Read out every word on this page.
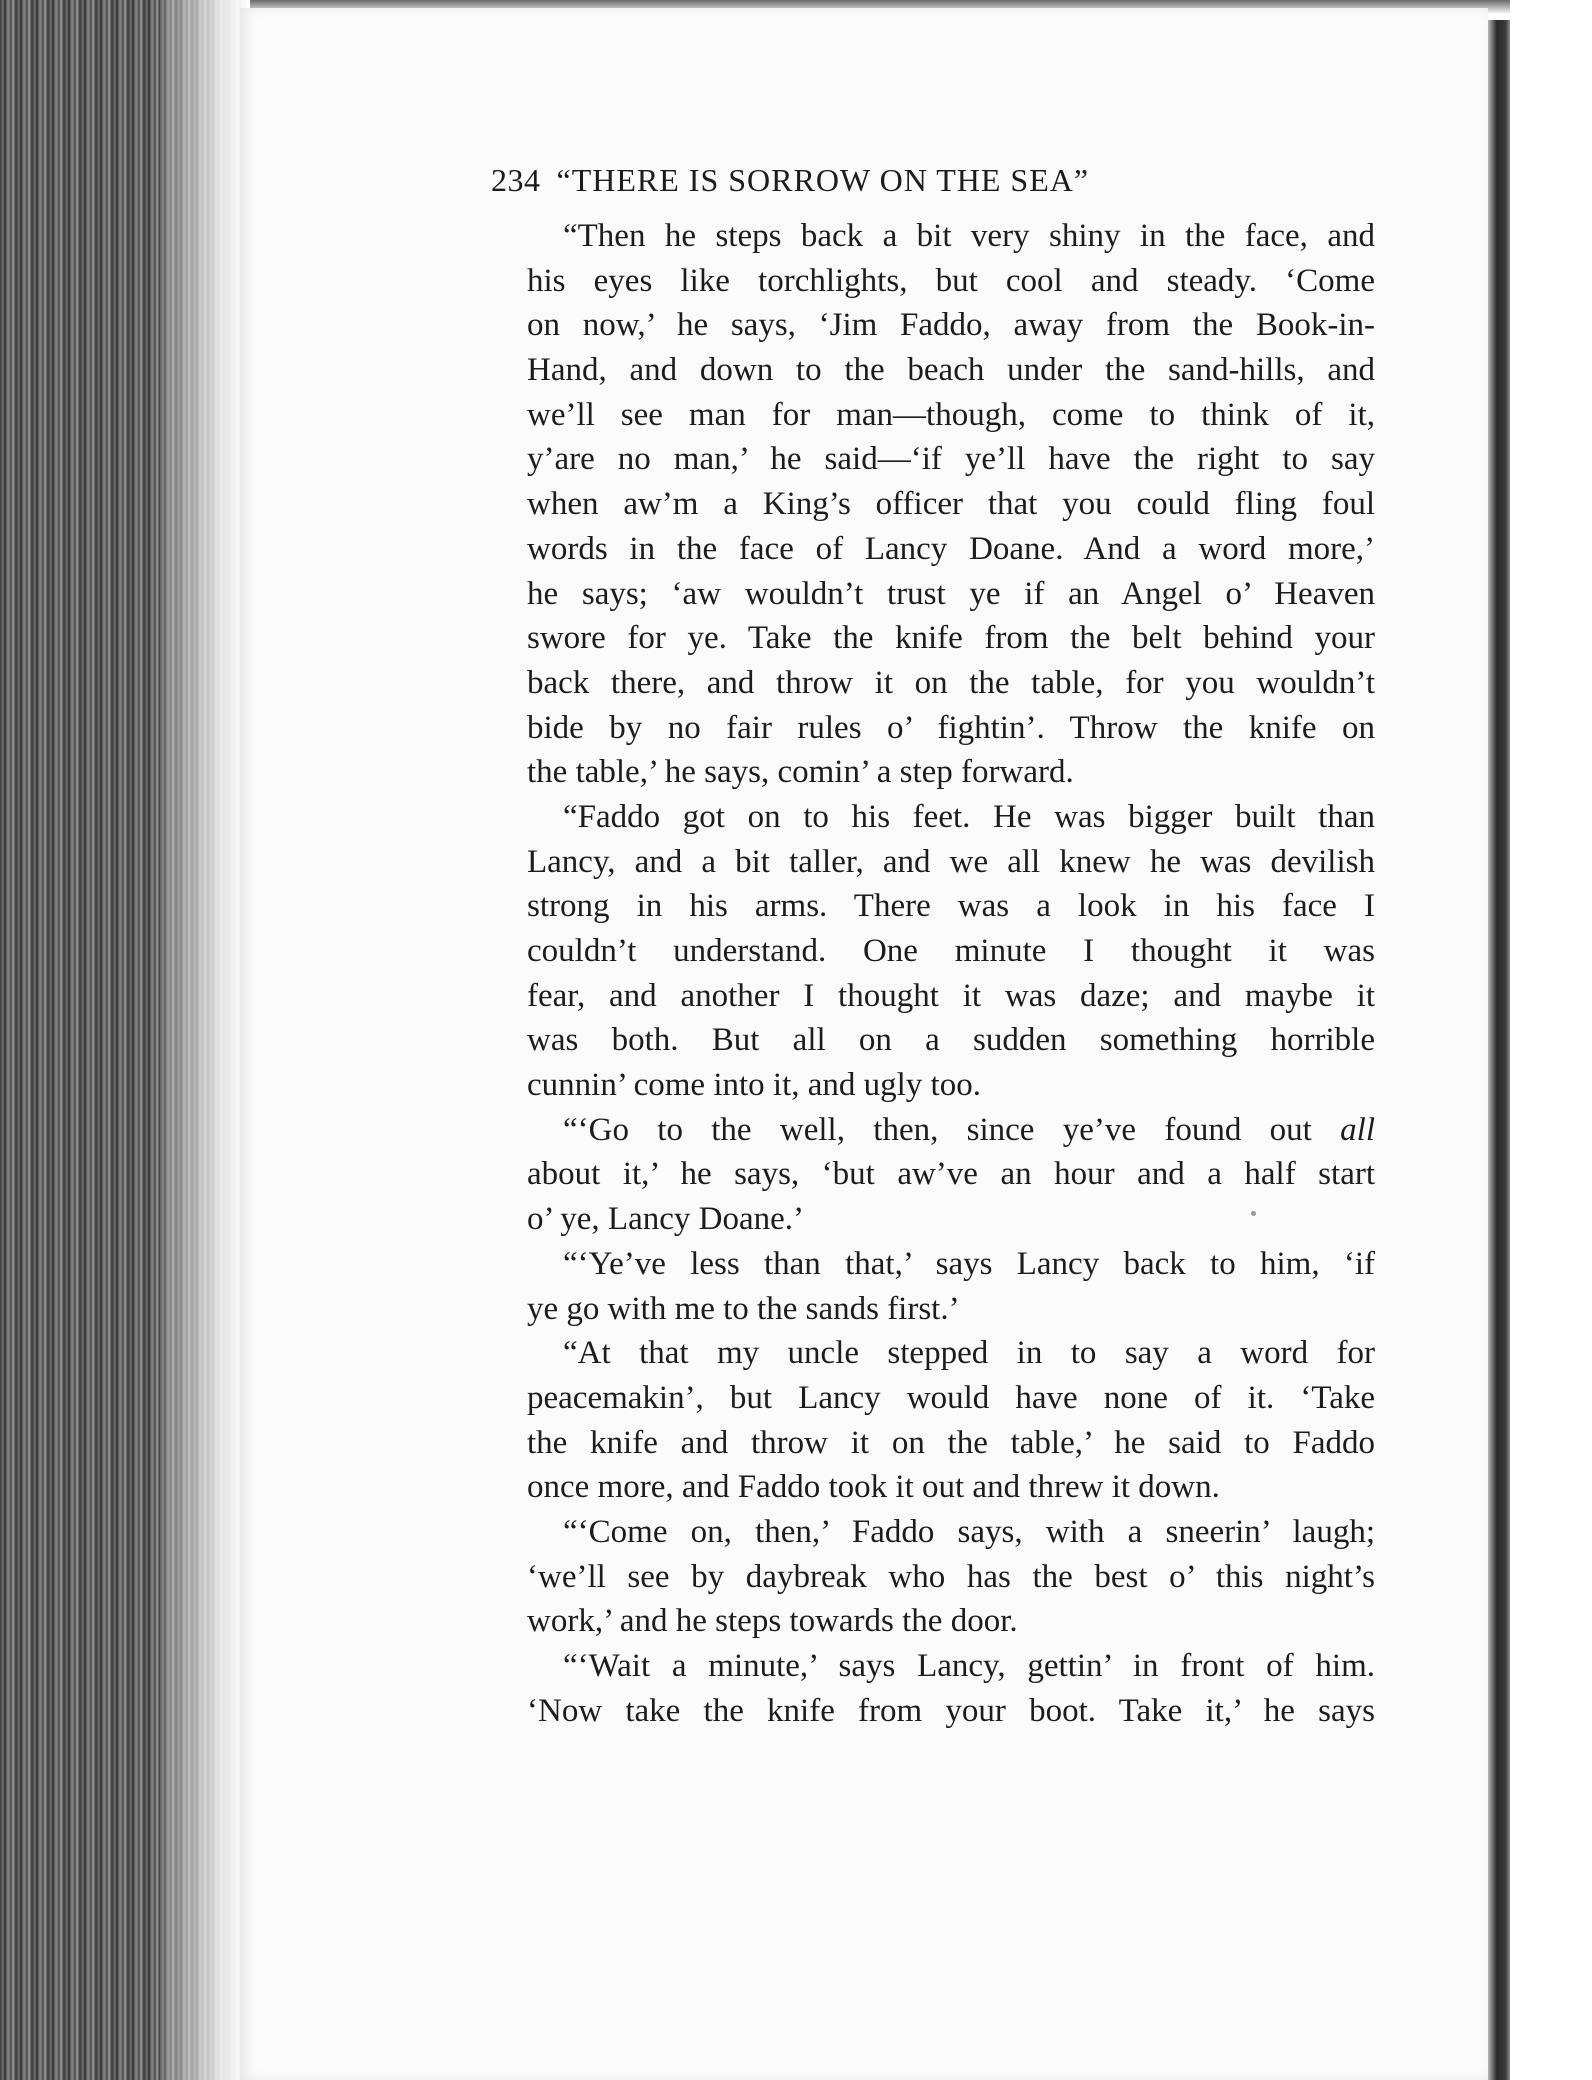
234 “THERE IS SORROW ON THE SEA”
“Then he steps back a bit very shiny in the face, and
his eyes like torchlights, but cool and steady. ‘Come
on now,’ he says, ‘Jim Faddo, away from the Book-in-
Hand, and down to the beach under the sand-hills, and
we’ll see man for man—though, come to think of it,
y’are no man,’ he said—‘if ye’ll have the right to say
when aw’m a King’s officer that you could fling foul
words in the face of Lancy Doane. And a word more,’
he says; ‘aw wouldn’t trust ye if an Angel o’ Heaven
swore for ye. Take the knife from the belt behind your
back there, and throw it on the table, for you wouldn’t
bide by no fair rules o’ fightin’. Throw the knife on
the table,’ he says, comin’ a step forward.
“Faddo got on to his feet. He was bigger built than
Lancy, and a bit taller, and we all knew he was devilish
strong in his arms. There was a look in his face I
couldn’t understand. One minute I thought it was
fear, and another I thought it was daze; and maybe it
was both. But all on a sudden something horrible
cunnin’ come into it, and ugly too.
“‘Go to the well, then, since ye’ve found out all
about it,’ he says, ‘but aw’ve an hour and a half start
o’ ye, Lancy Doane.’
“‘Ye’ve less than that,’ says Lancy back to him, ‘if
ye go with me to the sands first.’
“At that my uncle stepped in to say a word for
peacemakin’, but Lancy would have none of it. ‘Take
the knife and throw it on the table,’ he said to Faddo
once more, and Faddo took it out and threw it down.
“‘Come on, then,’ Faddo says, with a sneerin’ laugh;
‘we’ll see by daybreak who has the best o’ this night’s
work,’ and he steps towards the door.
“‘Wait a minute,’ says Lancy, gettin’ in front of him.
‘Now take the knife from your boot. Take it,’ he says
